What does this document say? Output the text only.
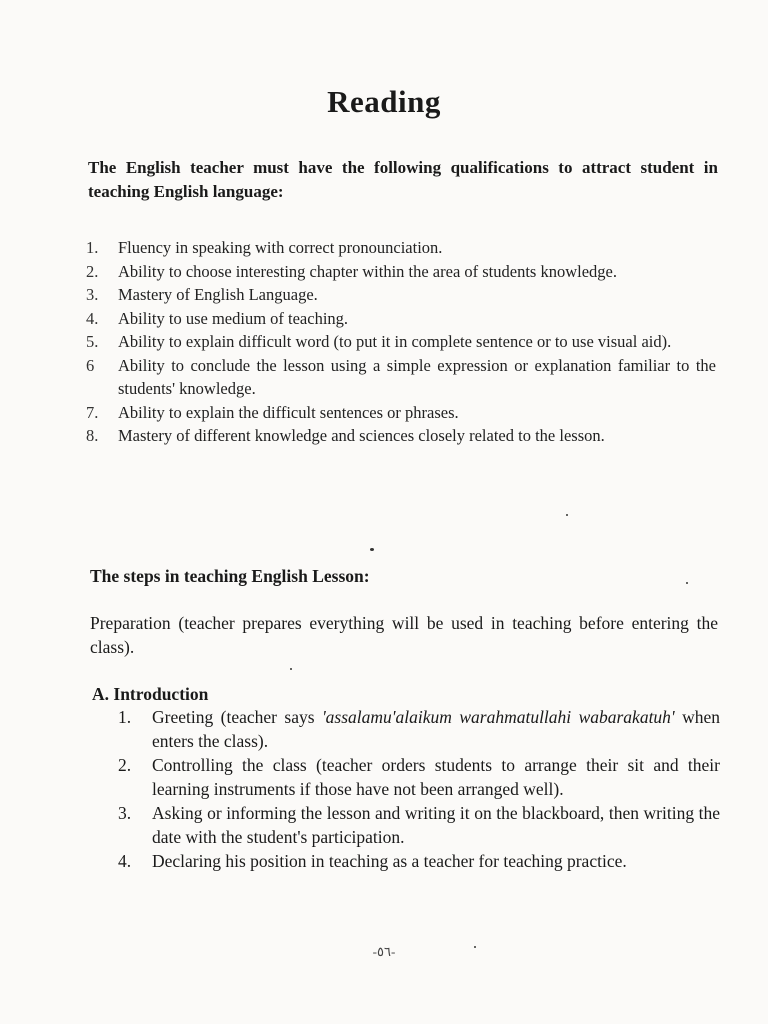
Reading
The English teacher must have the following qualifications to attract student in teaching English language:
1.	Fluency in speaking with correct pronounciation.
2.	Ability to choose interesting chapter within the area of students knowledge.
3.	Mastery of English Language.
4.	Ability to use medium of teaching.
5.	Ability to explain difficult word (to put it in complete sentence or to use visual aid).
6	Ability to conclude the lesson using a simple expression or explanation familiar to the students' knowledge.
7.	Ability to explain the difficult sentences or phrases.
8.	Mastery of different knowledge and sciences closely related to the lesson.
The steps in teaching English Lesson:
Preparation (teacher prepares everything will be used in teaching before entering the class).
A. Introduction
1.	Greeting (teacher says 'assalamu'alaikum warahmatullahi wabarakatuh' when enters the class).
2.	Controlling the class (teacher orders students to arrange their sit and their learning instruments if those have not been arranged well).
3.	Asking or informing the lesson and writing it on the blackboard, then writing the date with the student's participation.
4.	Declaring his position in teaching as a teacher for teaching practice.
-٥٦-
